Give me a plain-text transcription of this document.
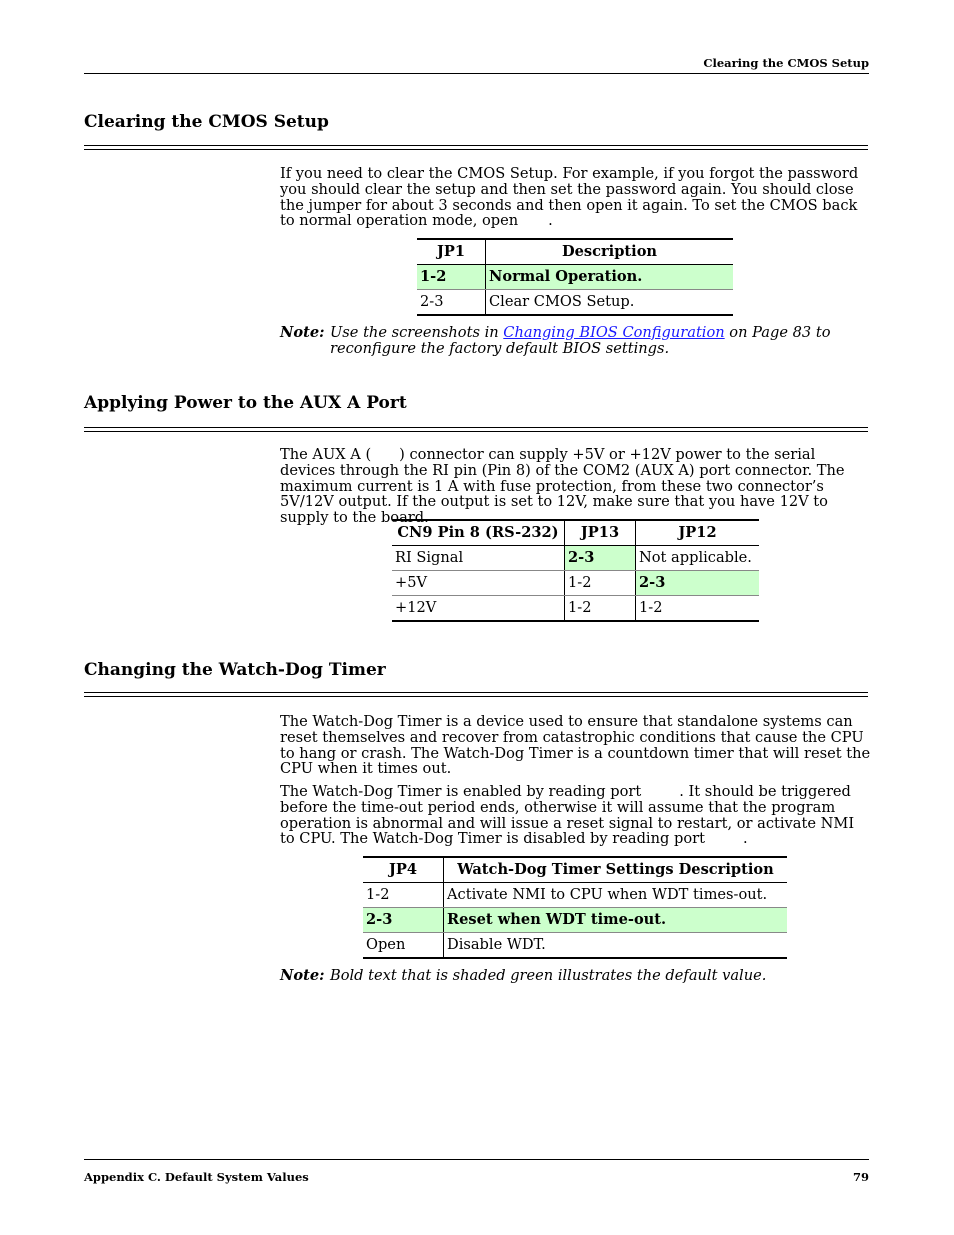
Clearing the CMOS Setup
Clearing the CMOS Setup
If you need to clear the CMOS Setup. For example, if you forgot the password you should clear the setup and then set the password again. You should close the jumper for about 3 seconds and then open it again. To set the CMOS back to normal operation mode, open .
JP1	Description
1-2	Normal Operation.
2-3	Clear CMOS Setup.
Note: Use the screenshots in Changing BIOS Configuration on Page 83 to reconfigure the factory default BIOS settings.
Applying Power to the AUX A Port
The AUX A ( ) connector can supply +5V or +12V power to the serial devices through the RI pin (Pin 8) of the COM2 (AUX A) port connector. The maximum current is 1 A with fuse protection, from these two connector’s 5V/12V output. If the output is set to 12V, make sure that you have 12V to supply to the board.
CN9 Pin 8 (RS-232)	JP13	JP12
RI Signal	2-3	Not applicable.
+5V	1-2	2-3
+12V	1-2	1-2
Changing the Watch-Dog Timer
The Watch-Dog Timer is a device used to ensure that standalone systems can reset themselves and recover from catastrophic conditions that cause the CPU to hang or crash. The Watch-Dog Timer is a countdown timer that will reset the CPU when it times out.
The Watch-Dog Timer is enabled by reading port	. It should be triggered before the time-out period ends, otherwise it will assume that the program operation is abnormal and will issue a reset signal to restart, or activate NMI to CPU. The Watch-Dog Timer is disabled by reading port	.
JP4	Watch-Dog Timer Settings Description
1-2	Activate NMI to CPU when WDT times-out.
2-3	Reset when WDT time-out.
Open	Disable WDT.
Note: Bold text that is shaded green illustrates the default value.
Appendix C. Default System Values	79
